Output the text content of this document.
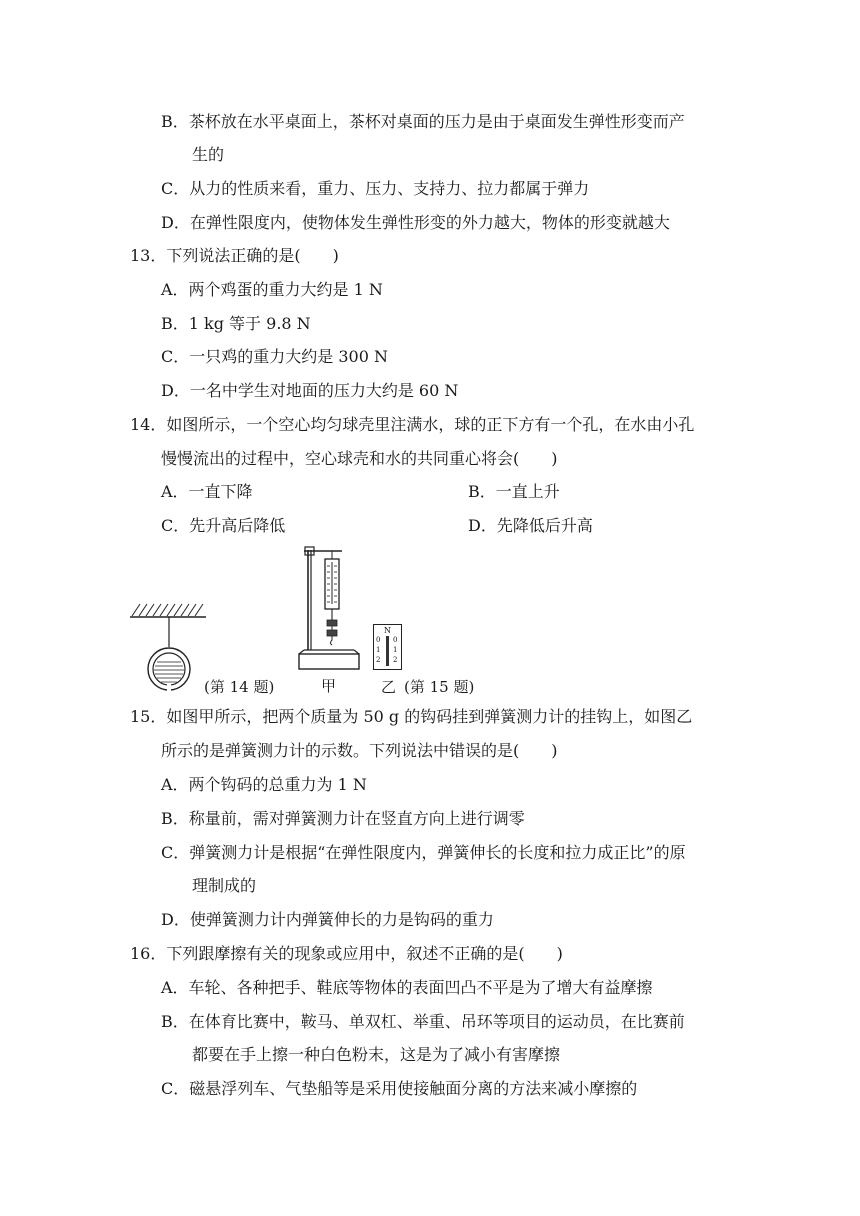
B．茶杯放在水平桌面上，茶杯对桌面的压力是由于桌面发生弹性形变而产
生的
C．从力的性质来看，重力、压力、支持力、拉力都属于弹力
D．在弹性限度内，使物体发生弹性形变的外力越大，物体的形变就越大
13．下列说法正确的是(　　)
A．两个鸡蛋的重力大约是 1 N
B．1 kg 等于 9.8 N
C．一只鸡的重力大约是 300 N
D．一名中学生对地面的压力大约是 60 N
14．如图所示，一个空心均匀球壳里注满水，球的正下方有一个孔，在水由小孔
慢慢流出的过程中，空心球壳和水的共同重心将会(　　)
A．一直下降	B．一直上升
C．先升高后降低	D．先降低后升高
(第 14 题)	甲
N
0
1
2
0
1
2
乙 (第 15 题)
15．如图甲所示，把两个质量为 50 g 的钩码挂到弹簧测力计的挂钩上，如图乙
所示的是弹簧测力计的示数。下列说法中错误的是(　　)
A．两个钩码的总重力为 1 N
B．称量前，需对弹簧测力计在竖直方向上进行调零
C．弹簧测力计是根据“在弹性限度内，弹簧伸长的长度和拉力成正比”的原
理制成的
D．使弹簧测力计内弹簧伸长的力是钩码的重力
16．下列跟摩擦有关的现象或应用中，叙述不正确的是(　　)
A．车轮、各种把手、鞋底等物体的表面凹凸不平是为了增大有益摩擦
B．在体育比赛中，鞍马、单双杠、举重、吊环等项目的运动员，在比赛前
都要在手上擦一种白色粉末，这是为了减小有害摩擦
C．磁悬浮列车、气垫船等是采用使接触面分离的方法来减小摩擦的
